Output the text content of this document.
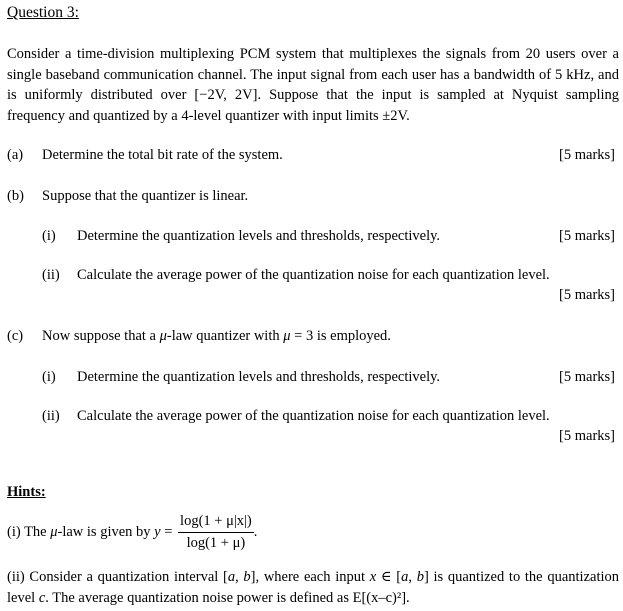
Question 3:
Consider a time-division multiplexing PCM system that multiplexes the signals from 20 users over a single baseband communication channel. The input signal from each user has a bandwidth of 5 kHz, and is uniformly distributed over [−2V, 2V]. Suppose that the input is sampled at Nyquist sampling frequency and quantized by a 4-level quantizer with input limits ±2V.
(a) Determine the total bit rate of the system.	[5 marks]
(b) Suppose that the quantizer is linear.
(i) Determine the quantization levels and thresholds, respectively.	[5 marks]
(ii) Calculate the average power of the quantization noise for each quantization level.
[5 marks]
(c) Now suppose that a μ-law quantizer with μ = 3 is employed.
(i) Determine the quantization levels and thresholds, respectively.	[5 marks]
(ii) Calculate the average power of the quantization noise for each quantization level.
[5 marks]
Hints:
(i) The μ-law is given by $y = \frac{\log(1 + \mu|x|)}{\log(1 + \mu)}$ .
(ii) Consider a quantization interval [a, b], where each input x ∈ [a, b] is quantized to the quantization level c. The average quantization noise power is defined as E[(x–c)²].
